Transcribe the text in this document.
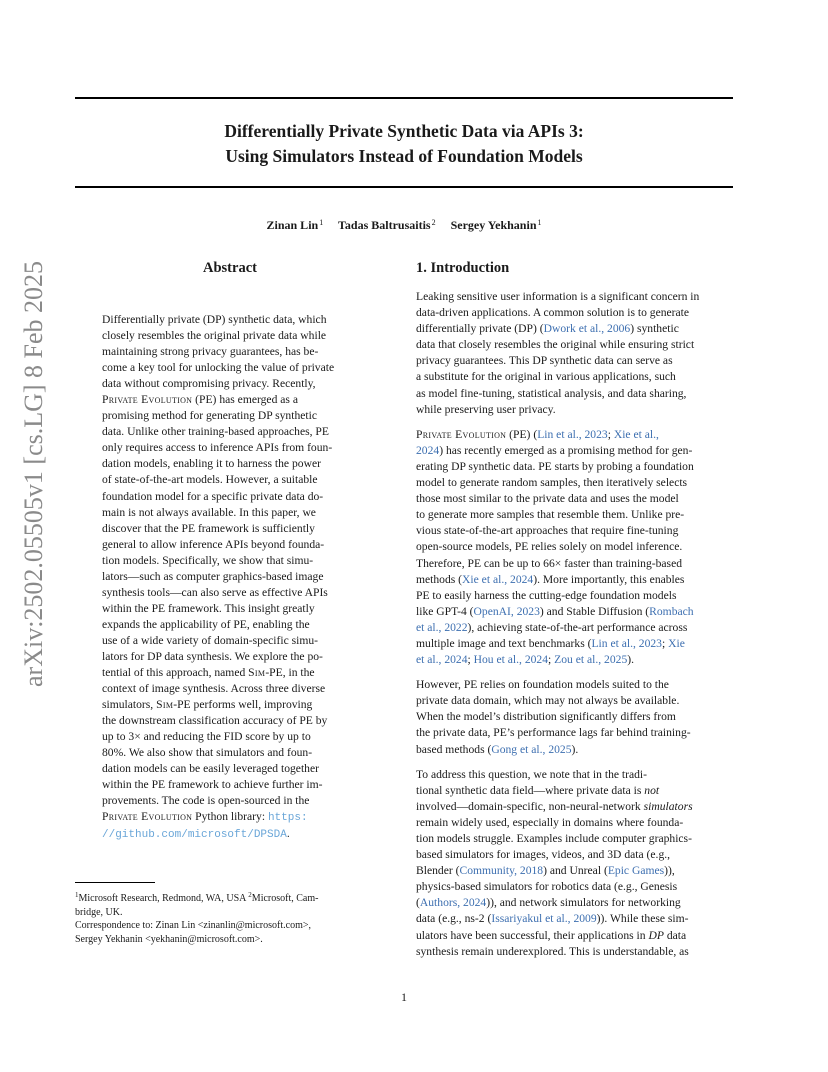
Differentially Private Synthetic Data via APIs 3:
Using Simulators Instead of Foundation Models
Zinan Lin$^1$ Tadas Baltrusaitis$^2$ Sergey Yekhanin$^1$
arXiv:2502.05505v1 [cs.LG] 8 Feb 2025	Abstract	1. Introduction
Differentially private (DP) synthetic data, which
closely resembles the original private data while
maintaining strong privacy guarantees, has be-
come a key tool for unlocking the value of private
data without compromising privacy. Recently,
Private Evolution (PE) has emerged as a
promising method for generating DP synthetic
data. Unlike other training-based approaches, PE
only requires access to inference APIs from foun-
dation models, enabling it to harness the power
of state-of-the-art models. However, a suitable
foundation model for a specific private data do-
main is not always available. In this paper, we
discover that the PE framework is sufficiently
general to allow inference APIs beyond founda-
tion models. Specifically, we show that simu-
lators—such as computer graphics-based image
synthesis tools—can also serve as effective APIs
within the PE framework. This insight greatly
expands the applicability of PE, enabling the
use of a wide variety of domain-specific simu-
lators for DP data synthesis. We explore the po-
tential of this approach, named Sim-PE, in the
context of image synthesis. Across three diverse
simulators, Sim-PE performs well, improving
the downstream classification accuracy of PE by
up to 3× and reducing the FID score by up to
80%. We also show that simulators and foun-
dation models can be easily leveraged together
within the PE framework to achieve further im-
provements. The code is open-sourced in the
Private Evolution Python library: https:
//github.com/microsoft/DPSDA.
Leaking sensitive user information is a significant concern in
data-driven applications. A common solution is to generate
differentially private (DP) (Dwork et al., 2006) synthetic
data that closely resembles the original while ensuring strict
privacy guarantees. This DP synthetic data can serve as
a substitute for the original in various applications, such
as model fine-tuning, statistical analysis, and data sharing,
while preserving user privacy.
Private Evolution (PE) (Lin et al., 2023; Xie et al.,
2024) has recently emerged as a promising method for gen-
erating DP synthetic data. PE starts by probing a foundation
model to generate random samples, then iteratively selects
those most similar to the private data and uses the model
to generate more samples that resemble them. Unlike pre-
vious state-of-the-art approaches that require fine-tuning
open-source models, PE relies solely on model inference.
Therefore, PE can be up to 66× faster than training-based
methods (Xie et al., 2024). More importantly, this enables
PE to easily harness the cutting-edge foundation models
like GPT-4 (OpenAI, 2023) and Stable Diffusion (Rombach
et al., 2022), achieving state-of-the-art performance across
multiple image and text benchmarks (Lin et al., 2023; Xie
et al., 2024; Hou et al., 2024; Zou et al., 2025).
However, PE relies on foundation models suited to the
private data domain, which may not always be available.
When the model’s distribution significantly differs from
the private data, PE’s performance lags far behind training-
based methods (Gong et al., 2025).
To address this question, we note that in the tradi-
tional synthetic data field—where private data is not
involved—domain-specific, non-neural-network simulators
remain widely used, especially in domains where founda-
tion models struggle. Examples include computer graphics-
based simulators for images, videos, and 3D data (e.g.,
Blender (Community, 2018) and Unreal (Epic Games)),
physics-based simulators for robotics data (e.g., Genesis
(Authors, 2024)), and network simulators for networking
data (e.g., ns-2 (Issariyakul et al., 2009)). While these sim-
ulators have been successful, their applications in DP data
synthesis remain underexplored. This is understandable, as
$^1$Microsoft Research, Redmond, WA, USA $^2$Microsoft, Cam-
bridge, UK.
Correspondence to: Zinan Lin <zinanlin@microsoft.com>,
Sergey Yekhanin <yekhanin@microsoft.com>.
1
